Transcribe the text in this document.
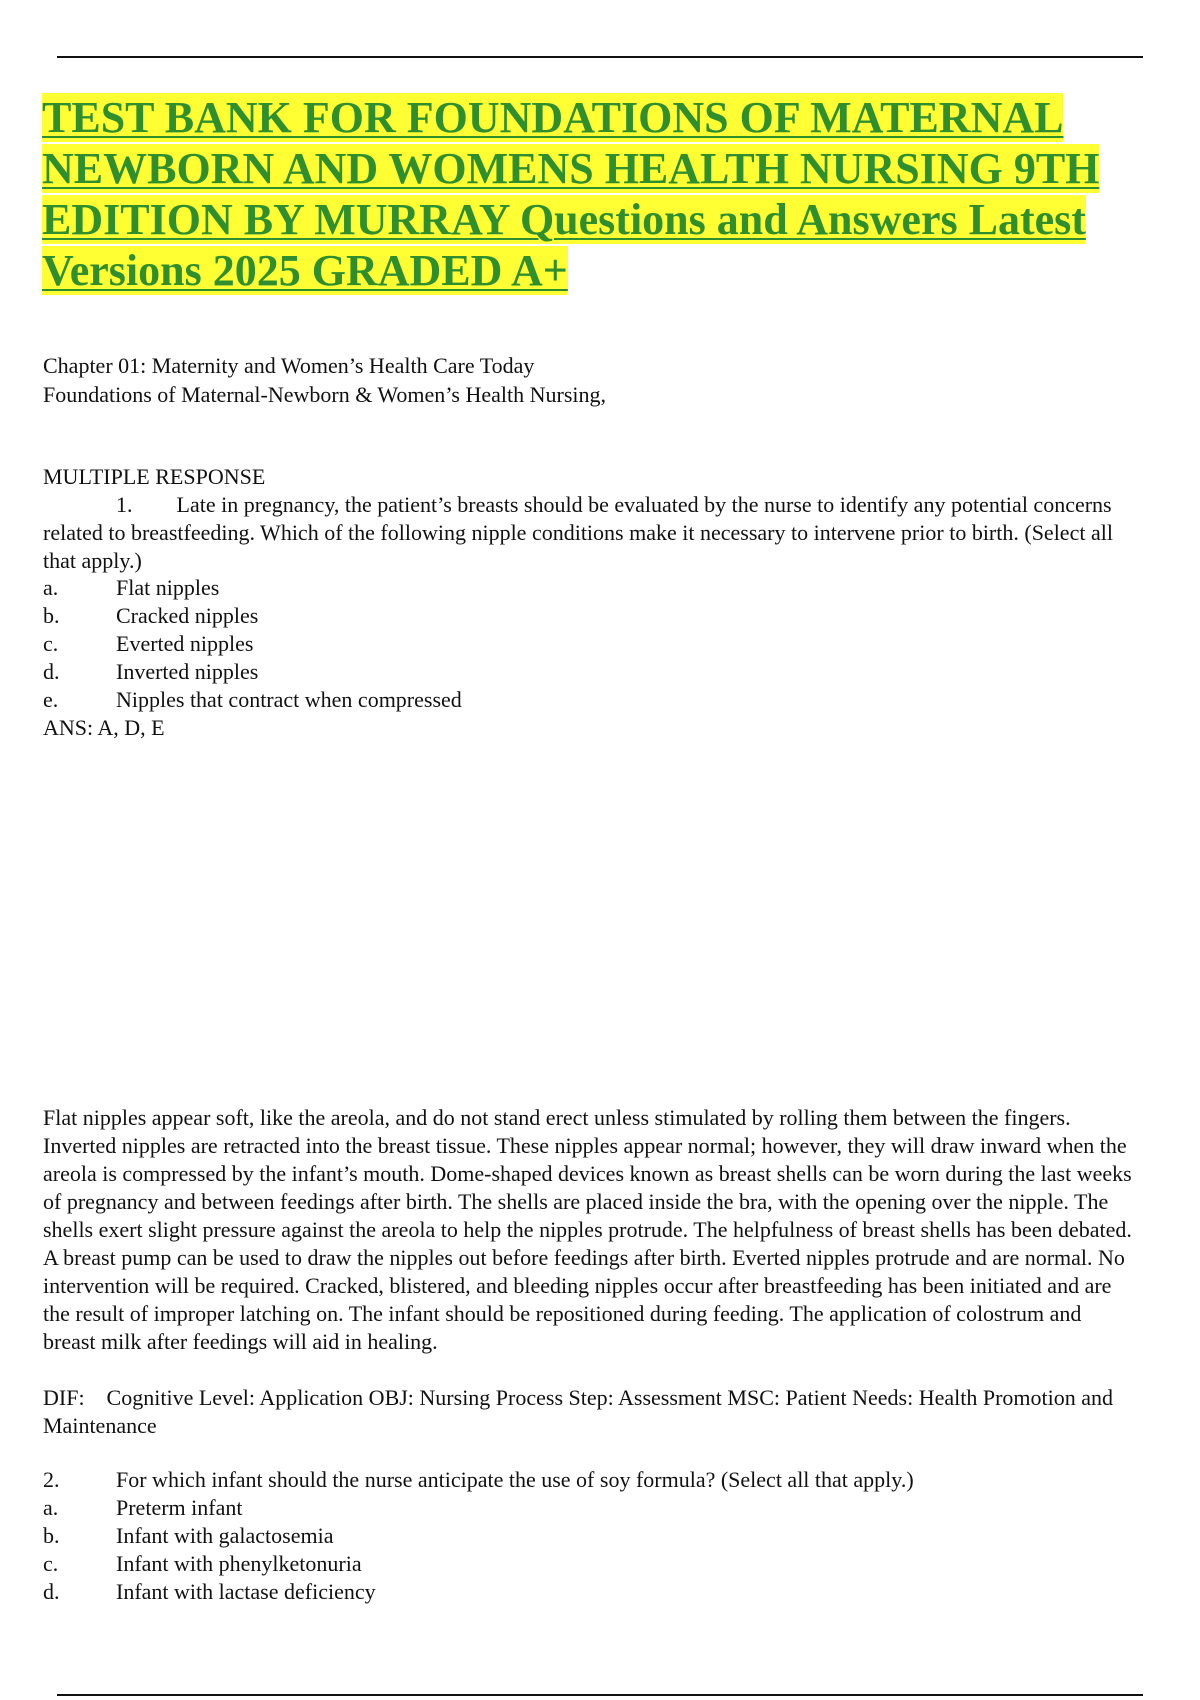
TEST BANK FOR FOUNDATIONS OF MATERNAL NEWBORN AND WOMENS HEALTH NURSING 9TH EDITION BY MURRAY Questions and Answers Latest Versions 2025 GRADED A+

Chapter 01: Maternity and Women’s Health Care Today

Foundations of Maternal-Newborn & Women’s Health Nursing,

MULTIPLE RESPONSE

1.  Late in pregnancy, the patient’s breasts should be evaluated by the nurse to identify any potential concerns related to breastfeeding. Which of the following nipple conditions make it necessary to intervene prior to birth. (Select all that apply.)

a.	Flat nipples
b.	Cracked nipples
c.	Everted nipples
d.	Inverted nipples
e.	Nipples that contract when compressed

ANS: A, D, E

Flat nipples appear soft, like the areola, and do not stand erect unless stimulated by rolling them between the fingers. Inverted nipples are retracted into the breast tissue. These nipples appear normal; however, they will draw inward when the areola is compressed by the infant’s mouth. Dome-shaped devices known as breast shells can be worn during the last weeks of pregnancy and between feedings after birth. The shells are placed inside the bra, with the opening over the nipple. The shells exert slight pressure against the areola to help the nipples protrude. The helpfulness of breast shells has been debated. A breast pump can be used to draw the nipples out before feedings after birth. Everted nipples protrude and are normal. No intervention will be required. Cracked, blistered, and bleeding nipples occur after breastfeeding has been initiated and are the result of improper latching on. The infant should be repositioned during feeding. The application of colostrum and breast milk after feedings will aid in healing.

DIF: Cognitive Level: Application OBJ: Nursing Process Step: Assessment MSC: Patient Needs: Health Promotion and Maintenance

2.	For which infant should the nurse anticipate the use of soy formula? (Select all that apply.)

a.	Preterm infant
b.	Infant with galactosemia
c.	Infant with phenylketonuria
d.	Infant with lactase deficiency
